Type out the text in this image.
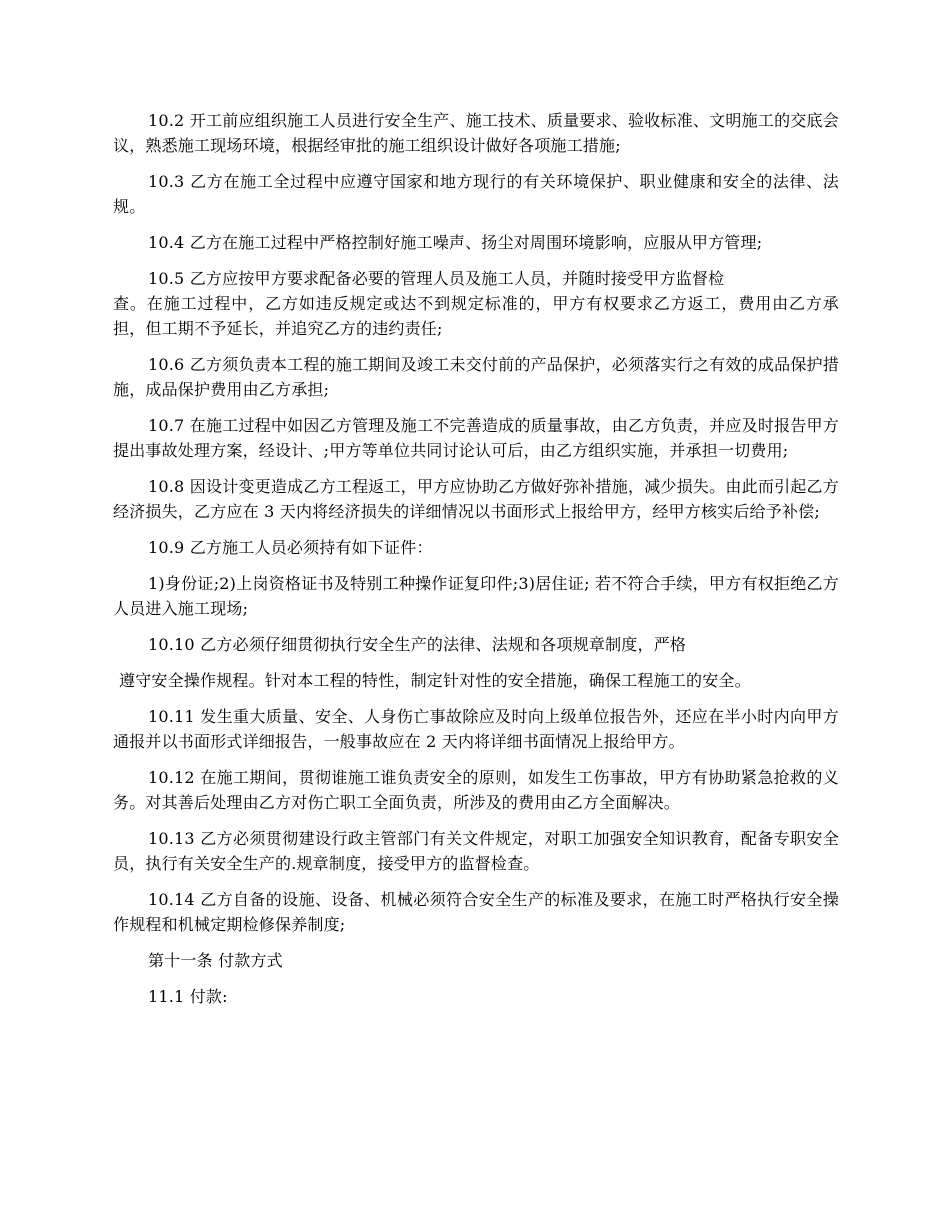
10.2 开工前应组织施工人员进行安全生产、施工技术、质量要求、验收标准、文明施工的交底会议，熟悉施工现场环境，根据经审批的施工组织设计做好各项施工措施;

10.3 乙方在施工全过程中应遵守国家和地方现行的有关环境保护、职业健康和安全的法律、法规。

10.4 乙方在施工过程中严格控制好施工噪声、扬尘对周围环境影响，应服从甲方管理;

10.5 乙方应按甲方要求配备必要的管理人员及施工人员，并随时接受甲方监督检
查。在施工过程中，乙方如违反规定或达不到规定标准的，甲方有权要求乙方返工，费用由乙方承担，但工期不予延长，并追究乙方的违约责任;

10.6 乙方须负责本工程的施工期间及竣工未交付前的产品保护，必须落实行之有效的成品保护措施，成品保护费用由乙方承担;

10.7 在施工过程中如因乙方管理及施工不完善造成的质量事故，由乙方负责，并应及时报告甲方提出事故处理方案，经设计、;甲方等单位共同讨论认可后，由乙方组织实施，并承担一切费用;

10.8 因设计变更造成乙方工程返工，甲方应协助乙方做好弥补措施，减少损失。由此而引起乙方经济损失，乙方应在 3 天内将经济损失的详细情况以书面形式上报给甲方，经甲方核实后给予补偿;

10.9 乙方施工人员必须持有如下证件：

1)身份证;2)上岗资格证书及特别工种操作证复印件;3)居住证; 若不符合手续，甲方有权拒绝乙方人员进入施工现场;

10.10 乙方必须仔细贯彻执行安全生产的法律、法规和各项规章制度，严格

遵守安全操作规程。针对本工程的特性，制定针对性的安全措施，确保工程施工的安全。

10.11 发生重大质量、安全、人身伤亡事故除应及时向上级单位报告外，还应在半小时内向甲方通报并以书面形式详细报告，一般事故应在 2 天内将详细书面情况上报给甲方。

10.12 在施工期间，贯彻谁施工谁负责安全的原则，如发生工伤事故，甲方有协助紧急抢救的义务。对其善后处理由乙方对伤亡职工全面负责，所涉及的费用由乙方全面解决。

10.13 乙方必须贯彻建设行政主管部门有关文件规定，对职工加强安全知识教育，配备专职安全员，执行有关安全生产的.规章制度，接受甲方的监督检查。

10.14 乙方自备的设施、设备、机械必须符合安全生产的标准及要求，在施工时严格执行安全操作规程和机械定期检修保养制度;

第十一条 付款方式

11.1 付款:
